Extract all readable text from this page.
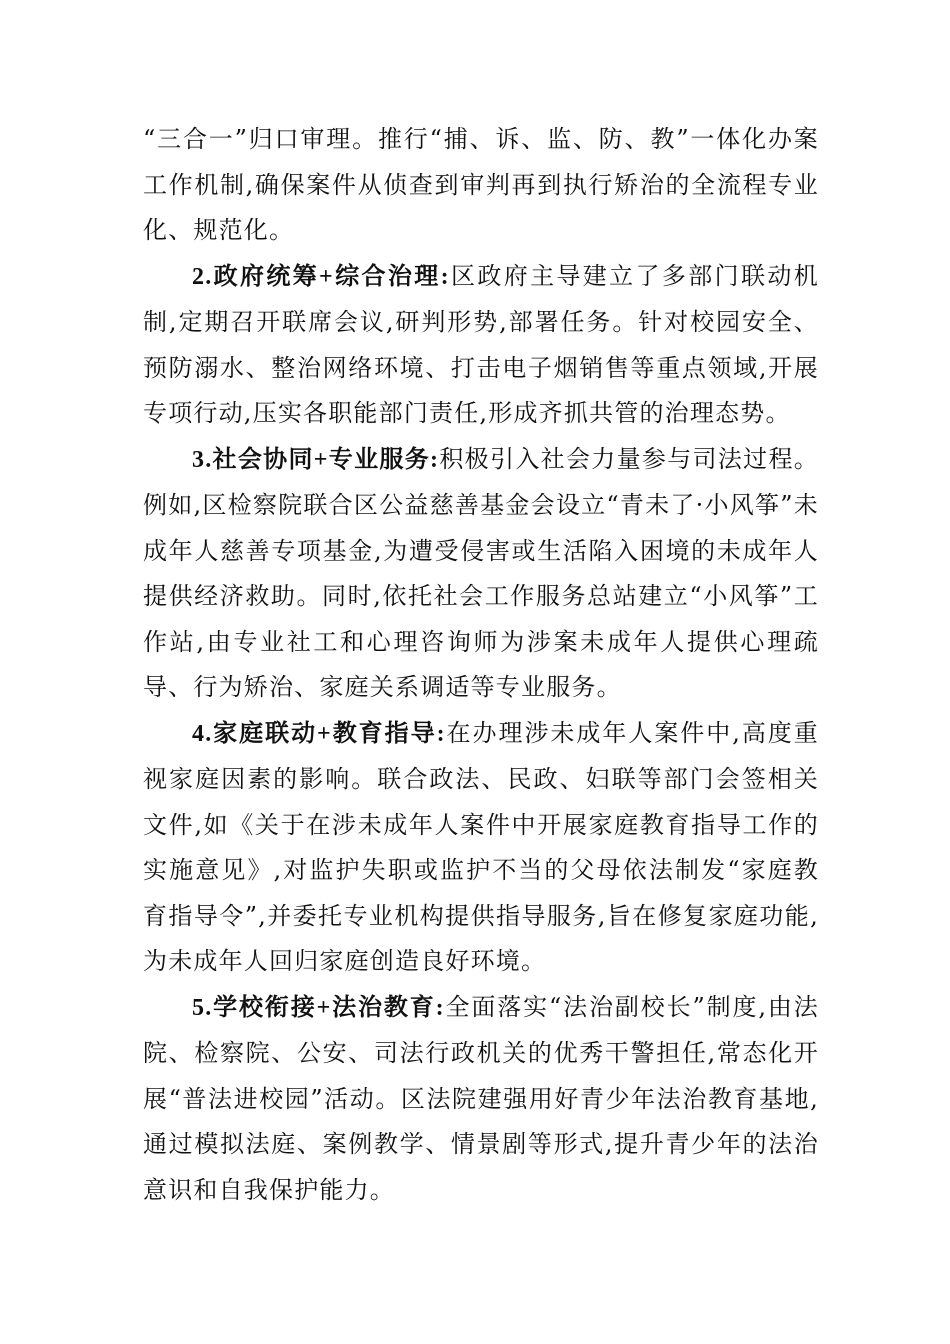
“三合一”归口审理。推行“捕、诉、监、防、教”一体化办案工作机制,确保案件从侦查到审判再到执行矫治的全流程专业化、规范化。

2.政府统筹+综合治理:区政府主导建立了多部门联动机制,定期召开联席会议,研判形势,部署任务。针对校园安全、预防溺水、整治网络环境、打击电子烟销售等重点领域,开展专项行动,压实各职能部门责任,形成齐抓共管的治理态势。

3.社会协同+专业服务:积极引入社会力量参与司法过程。例如,区检察院联合区公益慈善基金会设立“青未了·小风筝”未成年人慈善专项基金,为遭受侵害或生活陷入困境的未成年人提供经济救助。同时,依托社会工作服务总站建立“小风筝”工作站,由专业社工和心理咨询师为涉案未成年人提供心理疏导、行为矫治、家庭关系调适等专业服务。

4.家庭联动+教育指导:在办理涉未成年人案件中,高度重视家庭因素的影响。联合政法、民政、妇联等部门会签相关文件,如《关于在涉未成年人案件中开展家庭教育指导工作的实施意见》,对监护失职或监护不当的父母依法制发“家庭教育指导令”,并委托专业机构提供指导服务,旨在修复家庭功能,为未成年人回归家庭创造良好环境。

5.学校衔接+法治教育:全面落实“法治副校长”制度,由法院、检察院、公安、司法行政机关的优秀干警担任,常态化开展“普法进校园”活动。区法院建强用好青少年法治教育基地,通过模拟法庭、案例教学、情景剧等形式,提升青少年的法治意识和自我保护能力。
